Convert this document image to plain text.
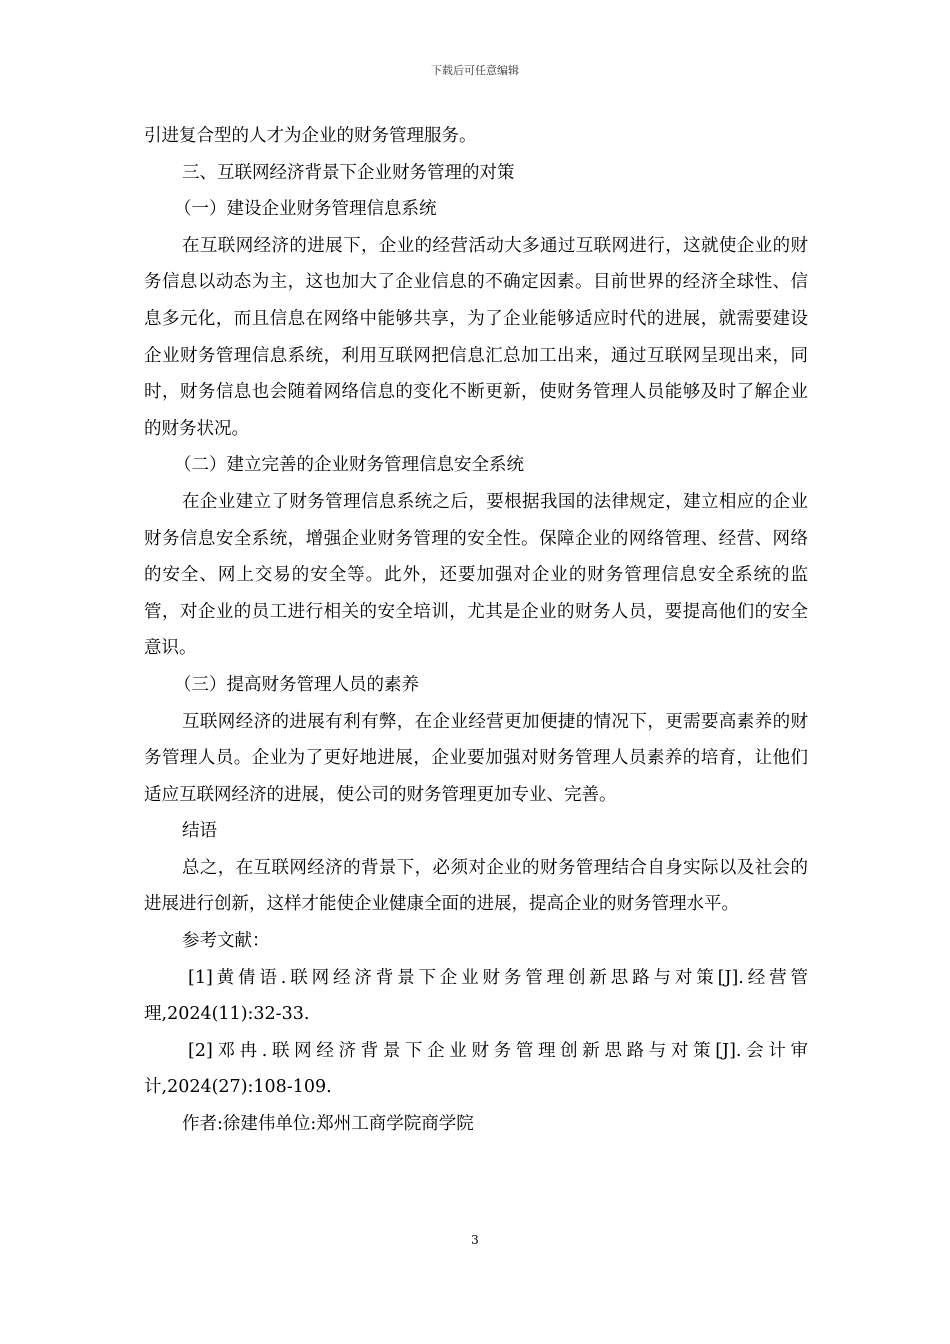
下载后可任意编辑

引进复合型的人才为企业的财务管理服务。

三、互联网经济背景下企业财务管理的对策

（一）建设企业财务管理信息系统

在互联网经济的进展下，企业的经营活动大多通过互联网进行，这就使企业的财务信息以动态为主，这也加大了企业信息的不确定因素。目前世界的经济全球性、信息多元化，而且信息在网络中能够共享，为了企业能够适应时代的进展，就需要建设企业财务管理信息系统，利用互联网把信息汇总加工出来，通过互联网呈现出来，同时，财务信息也会随着网络信息的变化不断更新，使财务管理人员能够及时了解企业的财务状况。

（二）建立完善的企业财务管理信息安全系统

在企业建立了财务管理信息系统之后，要根据我国的法律规定，建立相应的企业财务信息安全系统，增强企业财务管理的安全性。保障企业的网络管理、经营、网络的安全、网上交易的安全等。此外，还要加强对企业的财务管理信息安全系统的监管，对企业的员工进行相关的安全培训，尤其是企业的财务人员，要提高他们的安全意识。

（三）提高财务管理人员的素养

互联网经济的进展有利有弊，在企业经营更加便捷的情况下，更需要高素养的财务管理人员。企业为了更好地进展，企业要加强对财务管理人员素养的培育，让他们适应互联网经济的进展，使公司的财务管理更加专业、完善。

结语

总之，在互联网经济的背景下，必须对企业的财务管理结合自身实际以及社会的进展进行创新，这样才能使企业健康全面的进展，提高企业的财务管理水平。

参考文献：

[1]黄倩语.联网经济背景下企业财务管理创新思路与对策[J].经营管理,2024(11):32-33.

[2]邓冉.联网经济背景下企业财务管理创新思路与对策[J].会计审计,2024(27):108-109.

作者:徐建伟单位:郑州工商学院商学院

3
